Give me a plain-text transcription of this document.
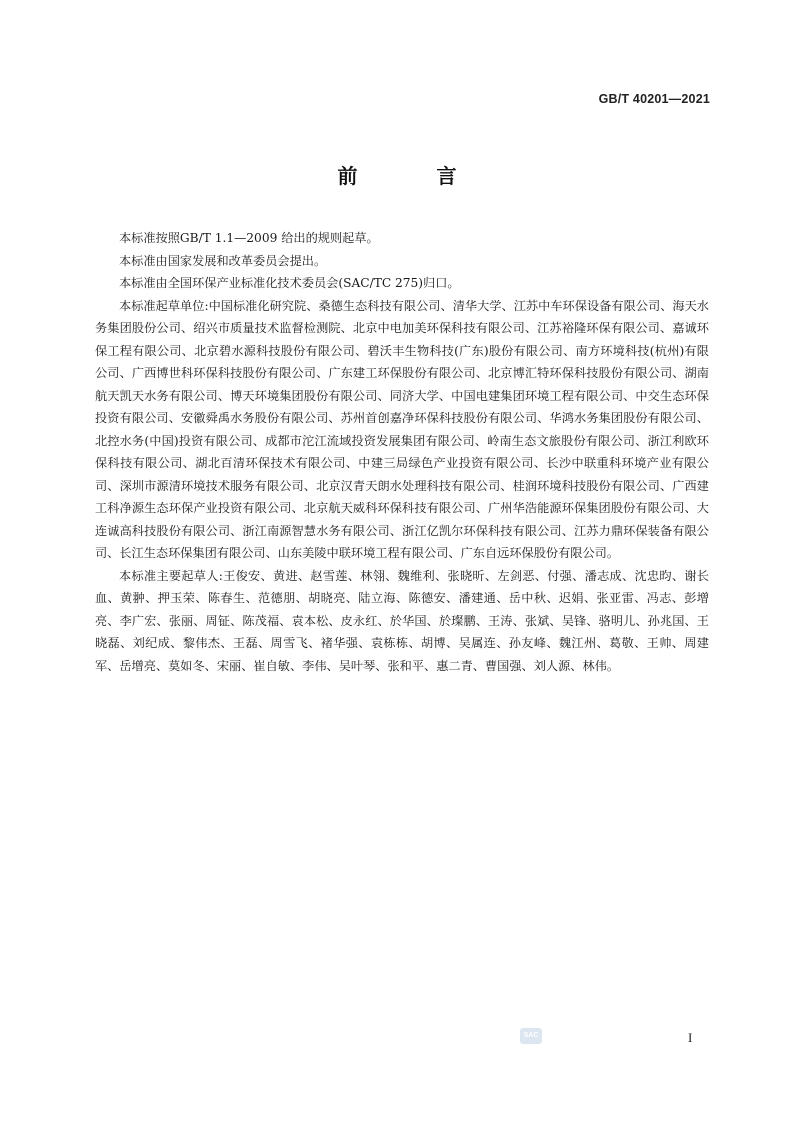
GB/T 40201—2021
前 言

本标准按照GB/T 1.1—2009 给出的规则起草。

本标准由国家发展和改革委员会提出。

本标准由全国环保产业标准化技术委员会(SAC/TC 275)归口。

本标准起草单位:中国标准化研究院、桑德生态科技有限公司、清华大学、江苏中车环保设备有限公司、海天水务集团股份公司、绍兴市质量技术监督检测院、北京中电加美环保科技有限公司、江苏裕隆环保有限公司、嘉诚环保工程有限公司、北京碧水源科技股份有限公司、碧沃丰生物科技(广东)股份有限公司、南方环境科技(杭州)有限公司、广西博世科环保科技股份有限公司、广东建工环保股份有限公司、北京博汇特环保科技股份有限公司、湖南航天凯天水务有限公司、博天环境集团股份有限公司、同济大学、中国电建集团环境工程有限公司、中交生态环保投资有限公司、安徽舜禹水务股份有限公司、苏州首创嘉净环保科技股份有限公司、华鸿水务集团股份有限公司、北控水务(中国)投资有限公司、成都市沱江流域投资发展集团有限公司、岭南生态文旅股份有限公司、浙江利欧环保科技有限公司、湖北百清环保技术有限公司、中建三局绿色产业投资有限公司、长沙中联重科环境产业有限公司、深圳市源清环境技术服务有限公司、北京汉青天朗水处理科技有限公司、桂润环境科技股份有限公司、广西建工科净源生态环保产业投资有限公司、北京航天威科环保科技有限公司、广州华浩能源环保集团股份有限公司、大连诚高科技股份有限公司、浙江南源智慧水务有限公司、浙江亿凯尔环保科技有限公司、江苏力鼎环保装备有限公司、长江生态环保集团有限公司、山东美陵中联环境工程有限公司、广东自远环保股份有限公司。

本标准主要起草人:王俊安、黄进、赵雪莲、林翎、魏维利、张晓昕、左剑恶、付强、潘志成、沈忠昀、谢长血、黄翀、押玉荣、陈春生、范德朋、胡晓亮、陆立海、陈德安、潘建通、岳中秋、迟娟、张亚雷、冯志、彭增亮、李广宏、张丽、周钲、陈茂福、袁本松、皮永红、於华国、於璨鹏、王涛、张斌、吴锋、骆明儿、孙兆国、王晓磊、刘纪成、黎伟杰、王磊、周雪飞、褚华强、袁栋栋、胡博、吴属连、孙友峰、魏江州、葛敬、王帅、周建军、岳增亮、莫如冬、宋丽、崔自敏、李伟、吴叶琴、张和平、惠二青、曹国强、刘人源、林伟。

SAC	I
